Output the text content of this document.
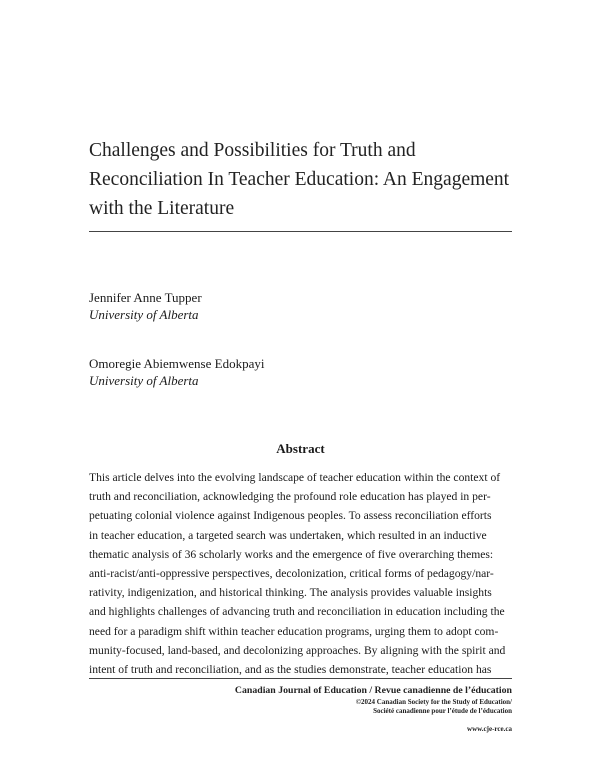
Challenges and Possibilities for Truth and
Reconciliation In Teacher Education: An Engagement
with the Literature
Jennifer Anne Tupper
University of Alberta
Omoregie Abiemwense Edokpayi
University of Alberta
Abstract
This article delves into the evolving landscape of teacher education within the context of
truth and reconciliation, acknowledging the profound role education has played in per-
petuating colonial violence against Indigenous peoples. To assess reconciliation efforts
in teacher education, a targeted search was undertaken, which resulted in an inductive
thematic analysis of 36 scholarly works and the emergence of five overarching themes:
anti-racist/anti-oppressive perspectives, decolonization, critical forms of pedagogy/nar-
rativity, indigenization, and historical thinking. The analysis provides valuable insights
and highlights challenges of advancing truth and reconciliation in education including the
need for a paradigm shift within teacher education programs, urging them to adopt com-
munity-focused, land-based, and decolonizing approaches. By aligning with the spirit and
intent of truth and reconciliation, and as the studies demonstrate, teacher education has
Canadian Journal of Education / Revue canadienne de l’éducation
©2024 Canadian Society for the Study of Education/
Société canadienne pour l’étude de l’éducation
www.cje-rce.ca
